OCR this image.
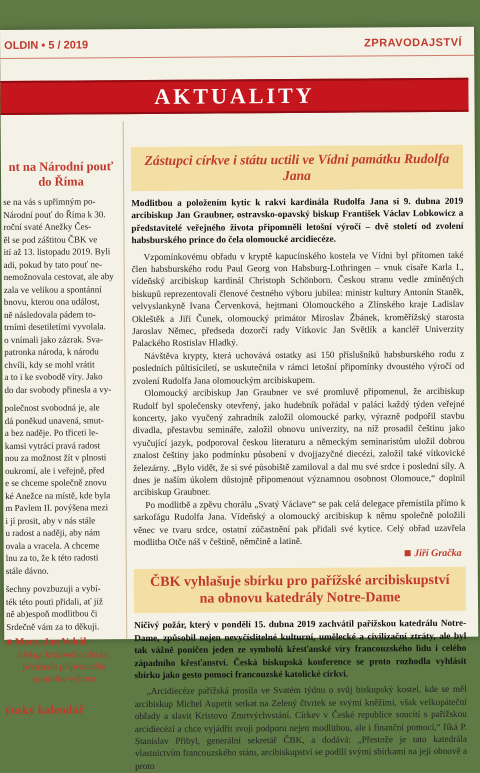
OLDIN • 5 / 2019	ZPRAVODAJSTVÍ
AKTUALITY
nt na Národní pouť do Říma

se na vás s upřímným po-

Národní pouť do Říma k 30.

roční svaté Anežky Čes-

ěl se pod záštitou ČBK ve

ití až 13. listopadu 2019. Byli

adi, pokud by tato pouť ne-

nemožnovala cestovat, ale aby

zala ve velikou a spontánní

bnovu, kterou ona událost,

ně následovala pádem to-

trními desetiletími vyvolala.

o vnímali jako zázrak. Sva-

patronka národa, k národu

chvíli, kdy se mohl vrátit

a to i ke svobodě víry. Jako

do dar svobody přinesla a vy-

polečnost svobodná je, ale

dá poněkud unavená, smut-

a bez naděje. Po třiceti le-

kamsi vytrácí pravá radost

nou za možnost žít v plnosti

oukromí, ale i veřejně, před

e se chceme společně znovu

ké Anežce na místě, kde byla

m Pavlem II. povýšena mezi

i jí prosit, aby v nás stále

u radost a naději, aby nám

ovala a vracela. A chceme

lnu za to, že k této radosti

stále dávno.

šechny povzbuzuji a vybí-

ték této pouti přidali, ať již

ně ab)espoň modlitbou či

Srdečně vám za to děkuji.

■ Mons. Jan Vokál

biskup královéhradecký, předseda připravného poutního výboru
ýnský kalendář
Zástupci církve i státu uctili ve Vídni památku Rudolfa Jana
Modlitbou a položením kytic k rakvi kardinála Rudolfa Jana si 9. dubna 2019 arcibiskup Jan Graubner, ostravsko-opavský biskup František Václav Lobkowicz a představitelé veřejného života připomněli letošní výročí – dvě století od zvolení habsburského prince do čela olomoucké arcidiecéze.

Vzpomínkovému obřadu v kryptě kapucínského kostela ve Vídni byl přítomen také člen habsburského rodu Paul Georg von Habsburg-Lothringen – vnuk císaře Karla I., vídeňský arcibiskup kardinál Christoph Schönborn. Českou stranu vedle zmíněných biskupů reprezentovali členové čestného výboru jubilea: ministr kultury Antonín Staněk, velvyslankyně Ivana Červenková, hejtmani Olomouckého a Zlínského kraje Ladislav Okleštěk a Jiří Čunek, olomoucký primátor Miroslav Žbánek, kroměřížský starosta Jaroslav Němec, předseda dozorčí rady Vítkovic Jan Světlík a kancléř Univerzity Palackého Rostislav Hladký.

Návštěva krypty, která uchovává ostatky asi 150 příslušníků habsburského rodu z posledních půltisíciletí, se uskutečnila v rámci letošní připomínky dvoustého výročí od zvolení Rudolfa Jana olomouckým arcibiskupem.

Olomoucký arcibiskup Jan Graubner ve své promluvě připomenul, že arcibiskup Rudolf byl společensky otevřený, jako hudebník pořádal v paláci každý týden veřejné koncerty, jako vyučený zahradník založil olomoucké parky, výrazně podpořil stavbu divadla, přestavbu semináře, založil obnovu univerzity, na níž prosadil češtinu jako vyučující jazyk, podporoval českou literaturu a německým seminaristům uložil dobrou znalost češtiny jako podmínku působení v dvojjazyčné diecézi, založil také vítkovické železárny. „Bylo vidět, že si své působiště zamiloval a dal mu své srdce i poslední síly. A dnes je naším úkolem důstojně připomenout významnou osobnost Olomouce,“ doplnil arcibiskup Graubner.

Po modlitbě a zpěvu chorálu „Svatý Václave“ se pak celá delegace přemístila přímo k sarkofágu Rudolfa Jana. Vídeňský a olomoucký arcibiskup k němu společně položili věnec ve tvaru srdce, ostatní zúčastnění pak přidali své kytice. Celý obřad uzavřela modlitba Otče náš v češtině, němčině a latině.

Jiří Gračka
ČBK vyhlašuje sbírku pro pařížské arcibiskupství na obnovu katedrály Notre-Dame
Ničivý požár, který v pondělí 15. dubna 2019 zachvátil pařížskou katedrálu Notre-Dame, způsobil nejen nevyčíslitelné kulturní, umělecké a civilizační ztráty, ale byl tak vážně poničen jeden ze symbolů křesťanské víry francouzského lidu i celého západního křesťanství. Česká biskupská konference se proto rozhodla vyhlásit sbírku jako gesto pomoci francouzské katolické církvi.

„Arcidiecéze pařížská prosila ve Svatém týdnu o svůj biskupský kostel, kde se měl arcibiskup Michel Aupetit setkat na Zelený čtvrtek se svými kněžími, však velkopáteční obřady a slavit Kristovo Zmrtvýchvstání. Církev v České republice soucítí s pařížskou arcidiecézí a chce vyjádřit svoji podporu nejen modlitbou, ale i finanční pomocí,“ říká P. Stanislav Přibyl, generální sekretář ČBK, a dodává: „Přestože je tato katedrála vlastnictvím francouzského státu, arcibiskupství se podílí svými sbírkami na její obnově a proto
